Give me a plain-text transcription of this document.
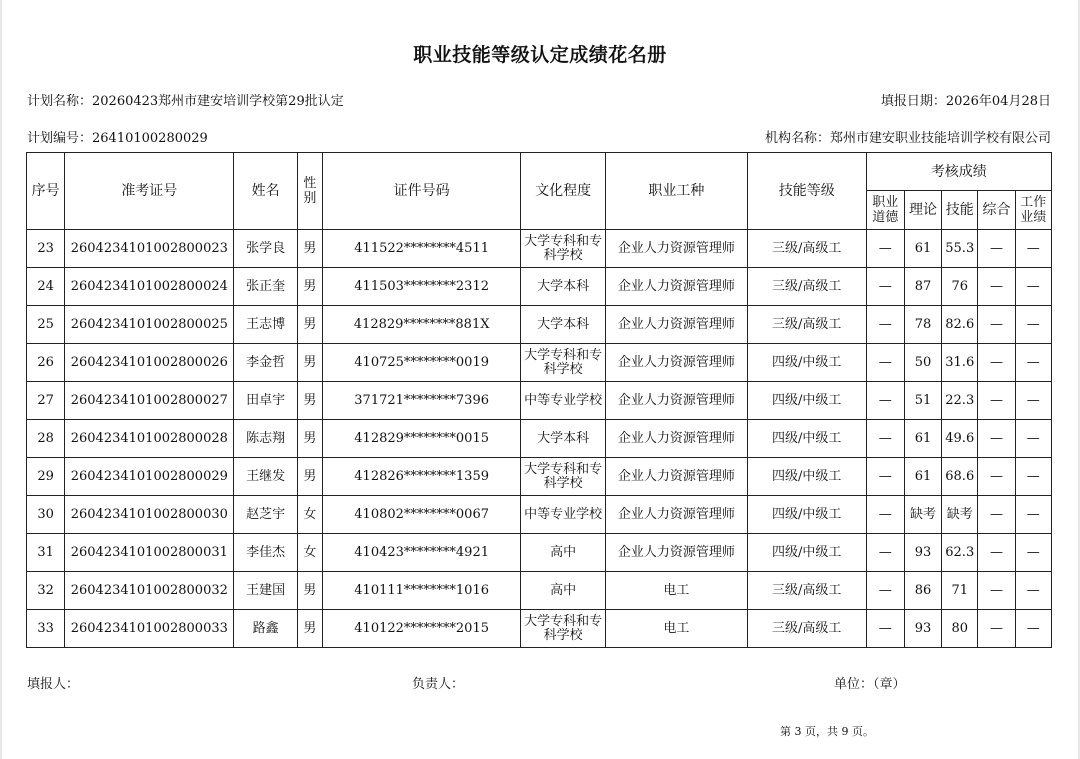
职业技能等级认定成绩花名册
计划名称：20260423郑州市建安培训学校第29批认定	填报日期：2026年04月28日
计划编号：26410100280029	机构名称：郑州市建安职业技能培训学校有限公司
序号	准考证号	姓名	性别	证件号码	文化程度	职业工种	技能等级	考核成绩				
								职业道德	理论	技能	综合	工作业绩
23	2604234101002800023	张学良	男	411522********4511	大学专科和专科学校	企业人力资源管理师	三级/高级工	—	61	55.3	—	—
24	2604234101002800024	张正奎	男	411503********2312	大学本科	企业人力资源管理师	三级/高级工	—	87	76	—	—
25	2604234101002800025	王志博	男	412829********881X	大学本科	企业人力资源管理师	三级/高级工	—	78	82.6	—	—
26	2604234101002800026	李金哲	男	410725********0019	大学专科和专科学校	企业人力资源管理师	四级/中级工	—	50	31.6	—	—
27	2604234101002800027	田卓宇	男	371721********7396	中等专业学校	企业人力资源管理师	四级/中级工	—	51	22.3	—	—
28	2604234101002800028	陈志翔	男	412829********0015	大学本科	企业人力资源管理师	四级/中级工	—	61	49.6	—	—
29	2604234101002800029	王继发	男	412826********1359	大学专科和专科学校	企业人力资源管理师	四级/中级工	—	61	68.6	—	—
30	2604234101002800030	赵芝宇	女	410802********0067	中等专业学校	企业人力资源管理师	四级/中级工	—	缺考	缺考	—	—
31	2604234101002800031	李佳杰	女	410423********4921	高中	企业人力资源管理师	四级/中级工	—	93	62.3	—	—
32	2604234101002800032	王建国	男	410111********1016	高中	电工	三级/高级工	—	86	71	—	—
33	2604234101002800033	路鑫	男	410122********2015	大学专科和专科学校	电工	三级/高级工	—	93	80	—	—
填报人：	负责人：	单位：（章）
第 3 页，共 9 页。
